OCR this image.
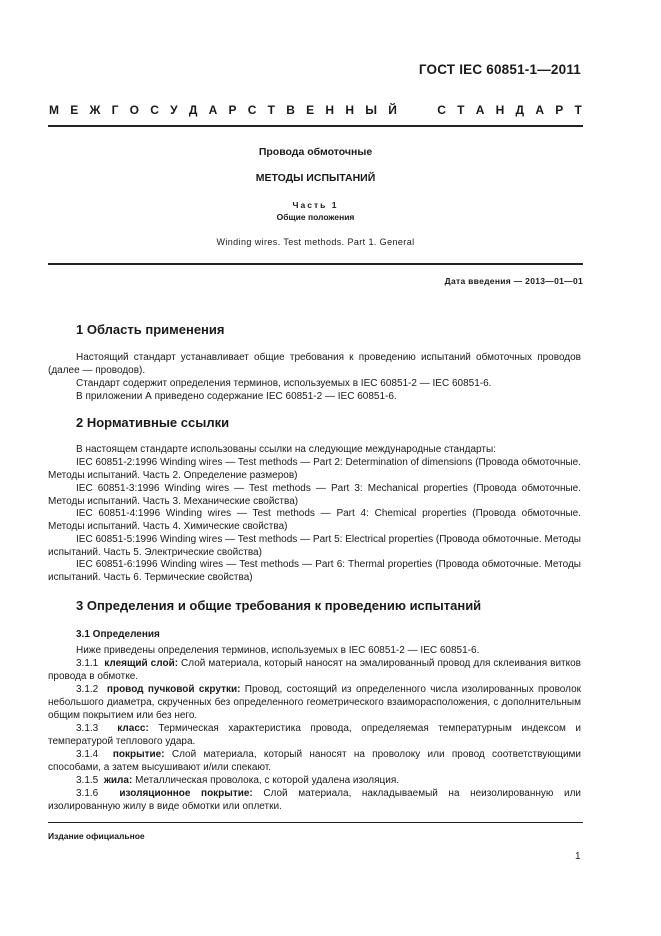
ГОСТ IEC 60851-1—2011
М Е Ж Г О С У Д А Р С Т В Е Н Н Ы Й

	С Т А Н Д А Р Т
Провода обмоточные
МЕТОДЫ ИСПЫТАНИЙ
Часть 1
Общие положения
Winding wires. Test methods. Part 1. General
Дата введения — 2013—01—01
1 Область применения
Настоящий стандарт устанавливает общие требования к проведению испытаний обмоточных проводов (далее — проводов).
Стандарт содержит определения терминов, используемых в IEC 60851-2 — IEC 60851-6.
В приложении А приведено содержание IEC 60851-2 — IEC 60851-6.
2 Нормативные ссылки
В настоящем стандарте использованы ссылки на следующие международные стандарты:
IEC 60851-2:1996 Winding wires — Test methods — Part 2: Determination of dimensions (Провода обмоточные. Методы испытаний. Часть 2. Определение размеров)
IEC 60851-3:1996 Winding wires — Test methods — Part 3: Mechanical properties (Провода обмоточные. Методы испытаний. Часть 3. Механические свойства)
IEC 60851-4:1996 Winding wires — Test methods — Part 4: Chemical properties (Провода обмоточные. Методы испытаний. Часть 4. Химические свойства)
IEC 60851-5:1996 Winding wires — Test methods — Part 5: Electrical properties (Провода обмоточные. Методы испытаний. Часть 5. Электрические свойства)
IEC 60851-6:1996 Winding wires — Test methods — Part 6: Thermal properties (Провода обмоточные. Методы испытаний. Часть 6. Термические свойства)
3 Определения и общие требования к проведению испытаний
3.1 Определения
Ниже приведены определения терминов, используемых в IEC 60851-2 — IEC 60851-6.
3.1.1 клеящий слой: Слой материала, который наносят на эмалированный провод для склеивания витков провода в обмотке.
3.1.2 провод пучковой скрутки: Провод, состоящий из определенного числа изолированных проволок небольшого диаметра, скрученных без определенного геометрического взаиморасположения, с дополнительным общим покрытием или без него.
3.1.3 класс: Термическая характеристика провода, определяемая температурным индексом и температурой теплового удара.
3.1.4 покрытие: Слой материала, который наносят на проволоку или провод соответствующими способами, а затем высушивают и/или спекают.
3.1.5 жила: Металлическая проволока, с которой удалена изоляция.
3.1.6 изоляционное покрытие: Слой материала, накладываемый на неизолированную или изолированную жилу в виде обмотки или оплетки.
Издание официальное
1
